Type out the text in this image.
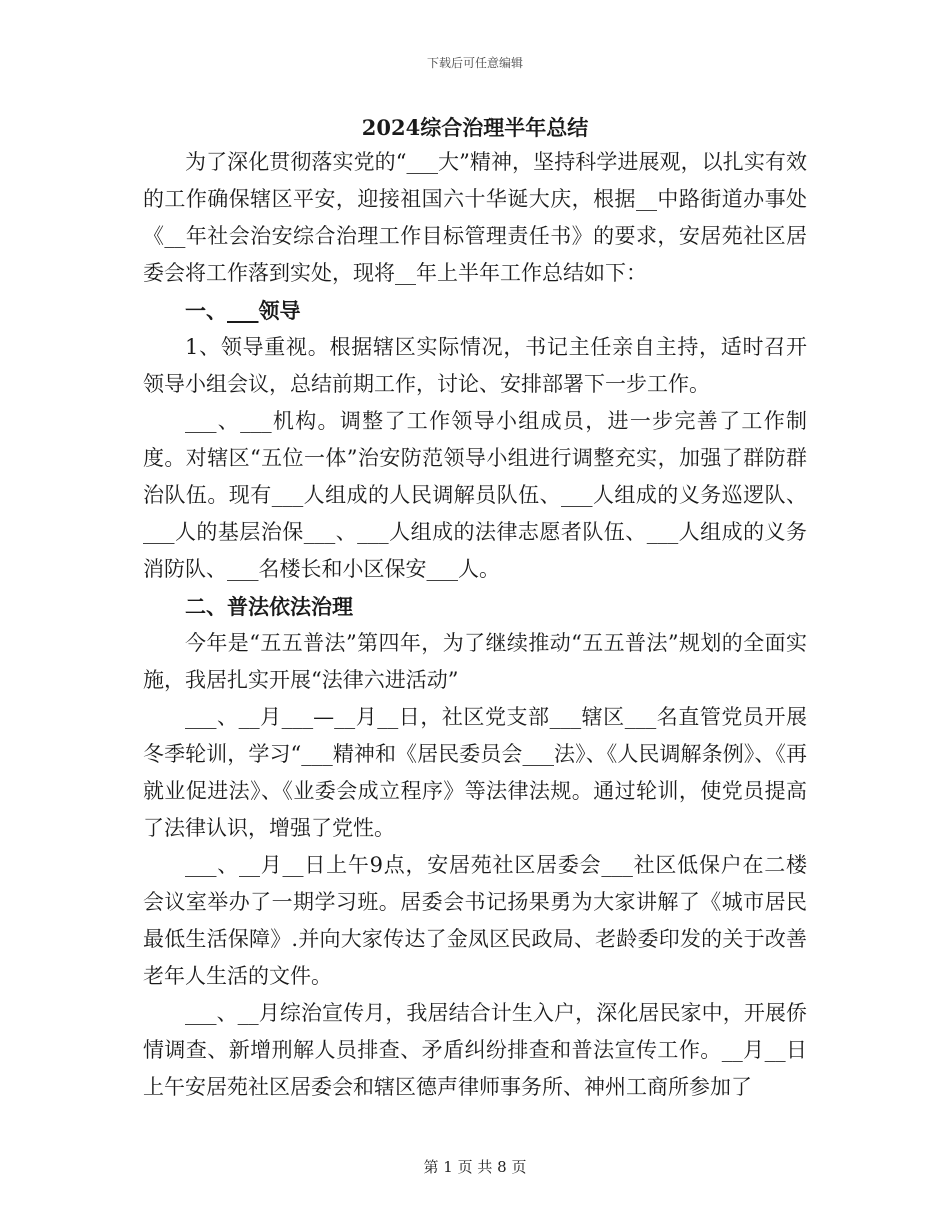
下载后可任意编辑
2024综合治理半年总结

为了深化贯彻落实党的“___大”精神，坚持科学进展观，以扎实有效的工作确保辖区平安，迎接祖国六十华诞大庆，根据__中路街道办事处《__年社会治安综合治理工作目标管理责任书》的要求，安居苑社区居委会将工作落到实处，现将__年上半年工作总结如下：

一、___领导

1、领导重视。根据辖区实际情况，书记主任亲自主持，适时召开领导小组会议，总结前期工作，讨论、安排部署下一步工作。

___、___机构。调整了工作领导小组成员，进一步完善了工作制度。对辖区“五位一体”治安防范领导小组进行调整充实，加强了群防群治队伍。现有___人组成的人民调解员队伍、___人组成的义务巡逻队、___人的基层治保___、___人组成的法律志愿者队伍、___人组成的义务消防队、___名楼长和小区保安___人。

二、普法依法治理

今年是“五五普法”第四年，为了继续推动“五五普法”规划的全面实施，我居扎实开展“法律六进活动”

___、__月___—__月__日，社区党支部___辖区___名直管党员开展冬季轮训，学习“___精神和《居民委员会___法》、《人民调解条例》、《再就业促进法》、《业委会成立程序》等法律法规。通过轮训，使党员提高了法律认识，增强了党性。

___、__月__日上午9点，安居苑社区居委会___社区低保户在二楼会议室举办了一期学习班。居委会书记扬果勇为大家讲解了《城市居民最低生活保障》.并向大家传达了金凤区民政局、老龄委印发的关于改善老年人生活的文件。

___、__月综治宣传月，我居结合计生入户，深化居民家中，开展侨情调查、新增刑解人员排查、矛盾纠纷排查和普法宣传工作。__月__日上午安居苑社区居委会和辖区德声律师事务所、神州工商所参加了

第 1 页 共 8 页
